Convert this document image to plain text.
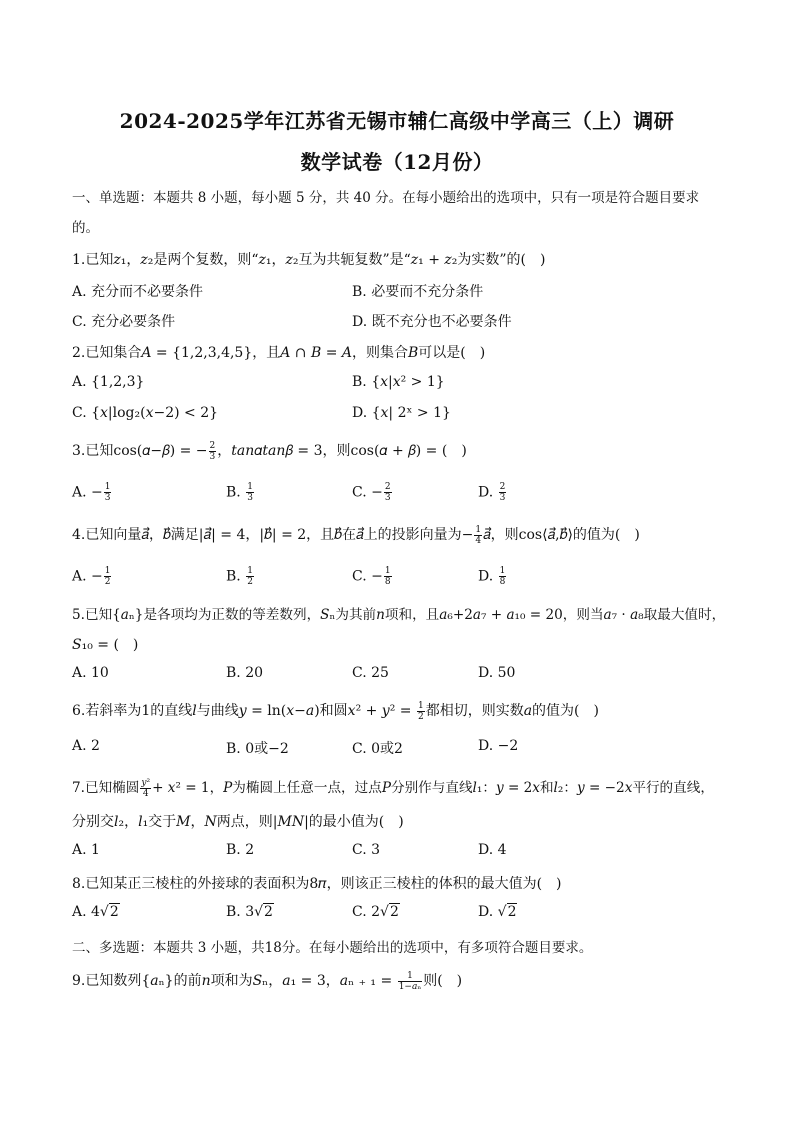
2024-2025学年江苏省无锡市辅仁高级中学高三（上）调研
数学试卷（12月份）
一、单选题：本题共 8 小题，每小题 5 分，共 40 分。在每小题给出的选项中，只有一项是符合题目要求
的。
1.已知𝑧₁，𝑧₂是两个复数，则“𝑧₁，𝑧₂互为共轭复数”是“𝑧₁ + 𝑧₂为实数”的(　)
A. 充分而不必要条件	B. 必要而不充分条件
C. 充分必要条件	D. 既不充分也不必要条件
2.已知集合𝐴 = {1,2,3,4,5}，且𝐴 ∩ 𝐵 = 𝐴，则集合𝐵可以是(　)
A. {1,2,3}	B. {𝑥|𝑥² > 1}
C. {𝑥|log₂(𝑥−2) < 2}	D. {𝑥| 2ˣ > 1}
3.已知cos(𝛼−𝛽) = − $\frac{2}{3}$ ，𝑡𝑎𝑛𝛼𝑡𝑎𝑛𝛽 = 3，则cos(𝛼 + 𝛽) = (　)
A. − $\frac{1}{3}$	B. $\frac{1}{3}$	C. − $\frac{2}{3}$	D. $\frac{2}{3}$
4.已知向量𝑎⃗，𝑏⃗满足|𝑎⃗| = 4，|𝑏⃗| = 2，且𝑏⃗在𝑎⃗上的投影向量为− $\frac{1}{4}$ 𝑎⃗，则cos⟨𝑎⃗,𝑏⃗⟩的值为(　)
A. − $\frac{1}{2}$	B. $\frac{1}{2}$	C. − $\frac{1}{8}$	D. $\frac{1}{8}$
5.已知{𝑎ₙ}是各项均为正数的等差数列，𝑆ₙ为其前𝑛项和，且𝑎₆+2𝑎₇ + 𝑎₁₀ = 20，则当𝑎₇ · 𝑎₈取最大值时，
𝑆₁₀ = (　)
A. 10	B. 20	C. 25	D. 50
6.若斜率为1的直线𝑙与曲线𝑦 = ln(𝑥−𝑎)和圆𝑥² + 𝑦² = $\frac{1}{2}$ 都相切，则实数𝑎的值为(　)
A. 2	B. 0或−2	C. 0或2	D. −2
7.已知椭圆 $\frac{\text{𝑦²}}{4}$ + 𝑥² = 1，𝑃为椭圆上任意一点，过点𝑃分别作与直线𝑙₁：𝑦 = 2𝑥和𝑙₂：𝑦 = −2𝑥平行的直线，
分别交𝑙₂，𝑙₁交于𝑀，𝑁两点，则|𝑀𝑁|的最小值为(　)
A. 1	B. 2	C. 3	D. 4
8.已知某正三棱柱的外接球的表面积为8𝜋，则该正三棱柱的体积的最大值为(　)
A. 4√2	B. 3√2	C. 2√2	D. √2
二、多选题：本题共 3 小题，共18分。在每小题给出的选项中，有多项符合题目要求。
9.已知数列{𝑎ₙ}的前𝑛项和为𝑆ₙ，𝑎₁ = 3，𝑎ₙ ₊ $_1 = \frac{1}{\text{1−𝑎ₙ}}$ 则(　)
